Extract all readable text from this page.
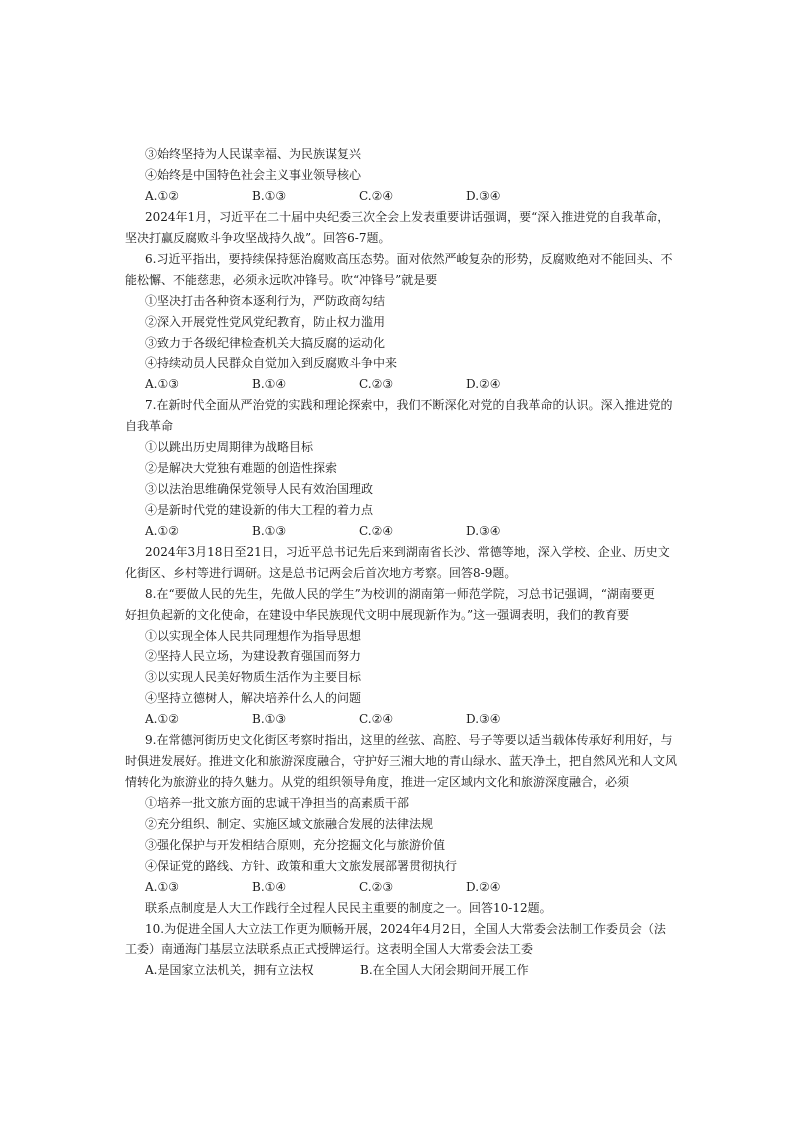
③始终坚持为人民谋幸福、为民族谋复兴
④始终是中国特色社会主义事业领导核心
A.①②	B.①③	C.②④	D.③④
2024年1月，习近平在二十届中央纪委三次全会上发表重要讲话强调，要“深入推进党的自我革命，
坚决打赢反腐败斗争攻坚战持久战”。回答6-7题。
6.习近平指出，要持续保持惩治腐败高压态势。面对依然严峻复杂的形势，反腐败绝对不能回头、不
能松懈、不能慈悲，必须永远吹冲锋号。吹“冲锋号”就是要
①坚决打击各种资本逐利行为，严防政商勾结
②深入开展党性党风党纪教育，防止权力滥用
③致力于各级纪律检查机关大搞反腐的运动化
④持续动员人民群众自觉加入到反腐败斗争中来
A.①③	B.①④	C.②③	D.②④
7.在新时代全面从严治党的实践和理论探索中，我们不断深化对党的自我革命的认识。深入推进党的
自我革命
①以跳出历史周期律为战略目标
②是解决大党独有难题的创造性探索
③以法治思维确保党领导人民有效治国理政
④是新时代党的建设新的伟大工程的着力点
A.①②	B.①③	C.②④	D.③④
2024年3月18日至21日，习近平总书记先后来到湖南省长沙、常德等地，深入学校、企业、历史文
化街区、乡村等进行调研。这是总书记两会后首次地方考察。回答8-9题。
8.在“要做人民的先生，先做人民的学生”为校训的湖南第一师范学院，习总书记强调，“湖南要更
好担负起新的文化使命，在建设中华民族现代文明中展现新作为。”这一强调表明，我们的教育要
①以实现全体人民共同理想作为指导思想
②坚持人民立场，为建设教育强国而努力
③以实现人民美好物质生活作为主要目标
④坚持立德树人，解决培养什么人的问题
A.①②	B.①③	C.②④	D.③④
9.在常德河街历史文化街区考察时指出，这里的丝弦、高腔、号子等要以适当载体传承好利用好，与
时俱进发展好。推进文化和旅游深度融合，守护好三湘大地的青山绿水、蓝天净土，把自然风光和人文风
情转化为旅游业的持久魅力。从党的组织领导角度，推进一定区域内文化和旅游深度融合，必须
①培养一批文旅方面的忠诚干净担当的高素质干部
②充分组织、制定、实施区域文旅融合发展的法律法规
③强化保护与开发相结合原则，充分挖掘文化与旅游价值
④保证党的路线、方针、政策和重大文旅发展部署贯彻执行
A.①③	B.①④	C.②③	D.②④
联系点制度是人大工作践行全过程人民民主重要的制度之一。回答10-12题。
10.为促进全国人大立法工作更为顺畅开展，2024年4月2日，全国人大常委会法制工作委员会（法
工委）南通海门基层立法联系点正式授牌运行。这表明全国人大常委会法工委
A.是国家立法机关，拥有立法权	B.在全国人大闭会期间开展工作
